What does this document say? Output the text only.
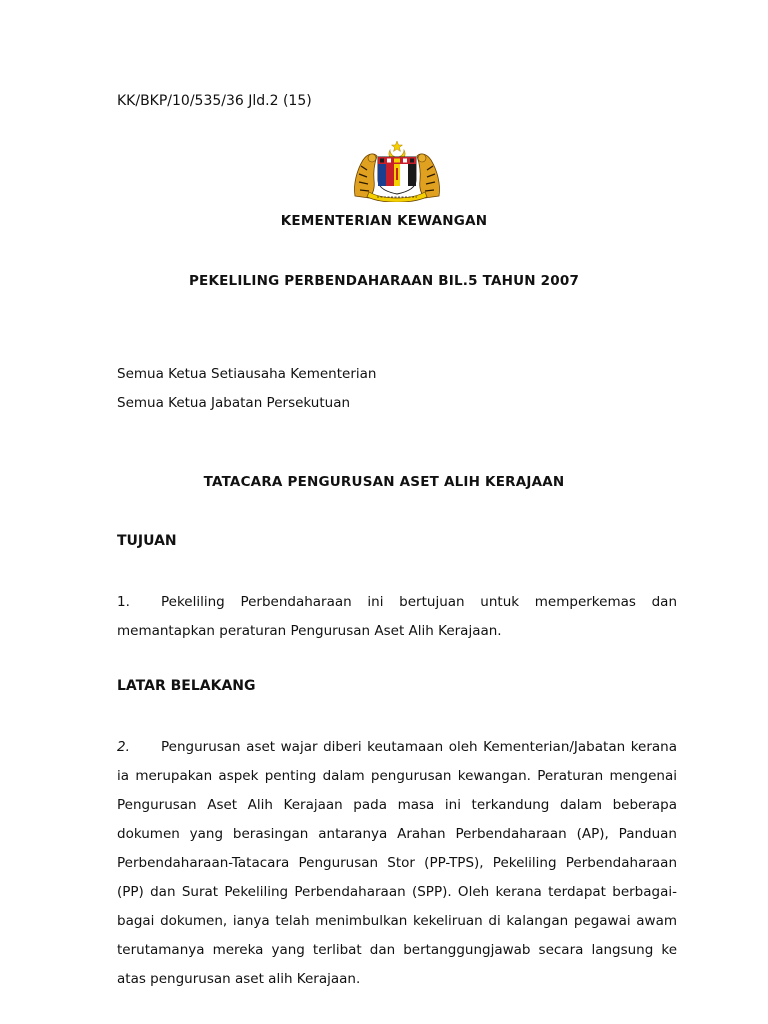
KK/BKP/10/535/36 Jld.2 (15)
KEMENTERIAN KEWANGAN
PEKELILING PERBENDAHARAAN BIL.5 TAHUN 2007
Semua Ketua Setiausaha Kementerian
Semua Ketua Jabatan Persekutuan
TATACARA PENGURUSAN ASET ALIH KERAJAAN
TUJUAN
1. Pekeliling Perbendaharaan ini bertujuan untuk memperkemas dan memantapkan peraturan Pengurusan Aset Alih Kerajaan.
LATAR BELAKANG
2. Pengurusan aset wajar diberi keutamaan oleh Kementerian/Jabatan kerana ia merupakan aspek penting dalam pengurusan kewangan. Peraturan mengenai Pengurusan Aset Alih Kerajaan pada masa ini terkandung dalam beberapa dokumen yang berasingan antaranya Arahan Perbendaharaan (AP), Panduan Perbendaharaan-Tatacara Pengurusan Stor (PP-TPS), Pekeliling Perbendaharaan (PP) dan Surat Pekeliling Perbendaharaan (SPP). Oleh kerana terdapat berbagai-bagai dokumen, ianya telah menimbulkan kekeliruan di kalangan pegawai awam terutamanya mereka yang terlibat dan bertanggungjawab secara langsung ke atas pengurusan aset alih Kerajaan.
